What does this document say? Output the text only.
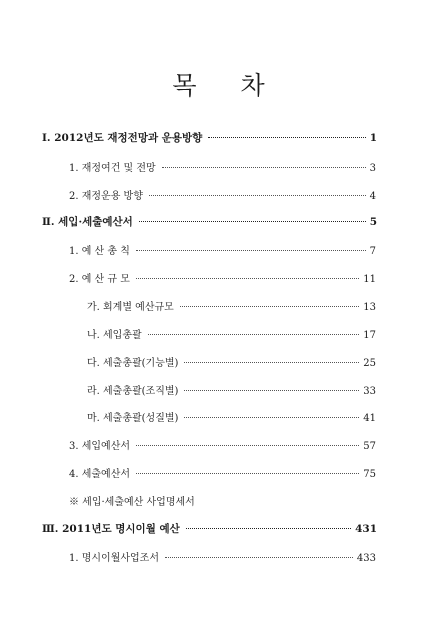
목 차
Ⅰ. 2012년도 재정전망과 운용방향	1
1. 재정여건 및 전망	3
2. 재정운용 방향	4
Ⅱ. 세입·세출예산서	5
1. 예 산 총 칙	7
2. 예 산 규 모	11
가. 회계별 예산규모	13
나. 세입총괄	17
다. 세출총괄(기능별)	25
라. 세출총괄(조직별)	33
마. 세출총괄(성질별)	41
3. 세입예산서	57
4. 세출예산서	75
※ 세입·세출예산 사업명세서
Ⅲ. 2011년도 명시이월 예산	431
1. 명시이월사업조서	433
